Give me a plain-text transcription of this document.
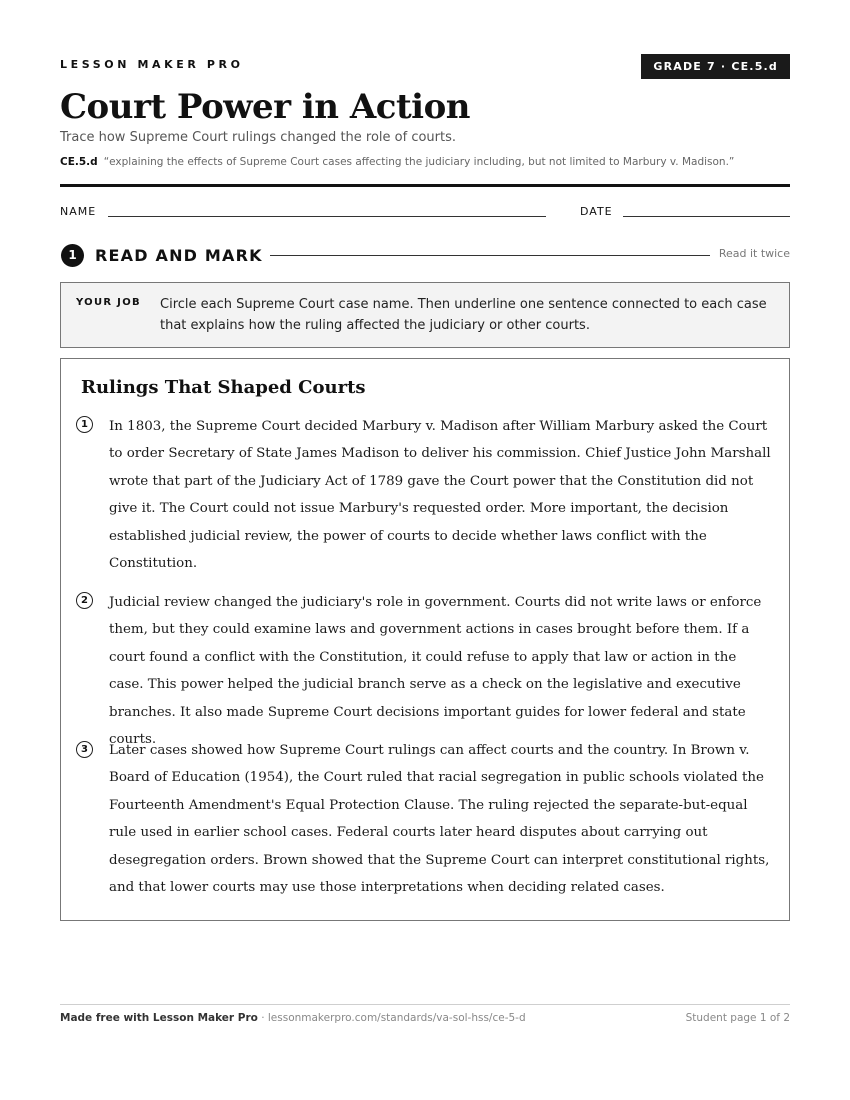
LESSON MAKER PRO	GRADE 7 · CE.5.d
Court Power in Action
Trace how Supreme Court rulings changed the role of courts.
CE.5.d “explaining the effects of Supreme Court cases affecting the judiciary including, but not limited to Marbury v. Madison.”
NAME	DATE
1	READ AND MARK	Read it twice
YOUR JOB Circle each Supreme Court case name. Then underline one sentence connected to each case that explains how the ruling affected the judiciary or other courts.
Rulings That Shaped Courts
1	In 1803, the Supreme Court decided Marbury v. Madison after William Marbury asked the Court to order Secretary of State James Madison to deliver his commission. Chief Justice John Marshall wrote that part of the Judiciary Act of 1789 gave the Court power that the Constitution did not give it. The Court could not issue Marbury's requested order. More important, the decision established judicial review, the power of courts to decide whether laws conflict with the Constitution.

2	Judicial review changed the judiciary's role in government. Courts did not write laws or enforce them, but they could examine laws and government actions in cases brought before them. If a court found a conflict with the Constitution, it could refuse to apply that law or action in the case. This power helped the judicial branch serve as a check on the legislative and executive branches. It also made Supreme Court decisions important guides for lower federal and state courts.

3	Later cases showed how Supreme Court rulings can affect courts and the country. In Brown v. Board of Education (1954), the Court ruled that racial segregation in public schools violated the Fourteenth Amendment's Equal Protection Clause. The ruling rejected the separate-but-equal rule used in earlier school cases. Federal courts later heard disputes about carrying out desegregation orders. Brown showed that the Supreme Court can interpret constitutional rights, and that lower courts may use those interpretations when deciding related cases.

Made free with Lesson Maker Pro · lessonmakerpro.com/standards/va-sol-hss/ce-5-d	Student page 1 of 2
